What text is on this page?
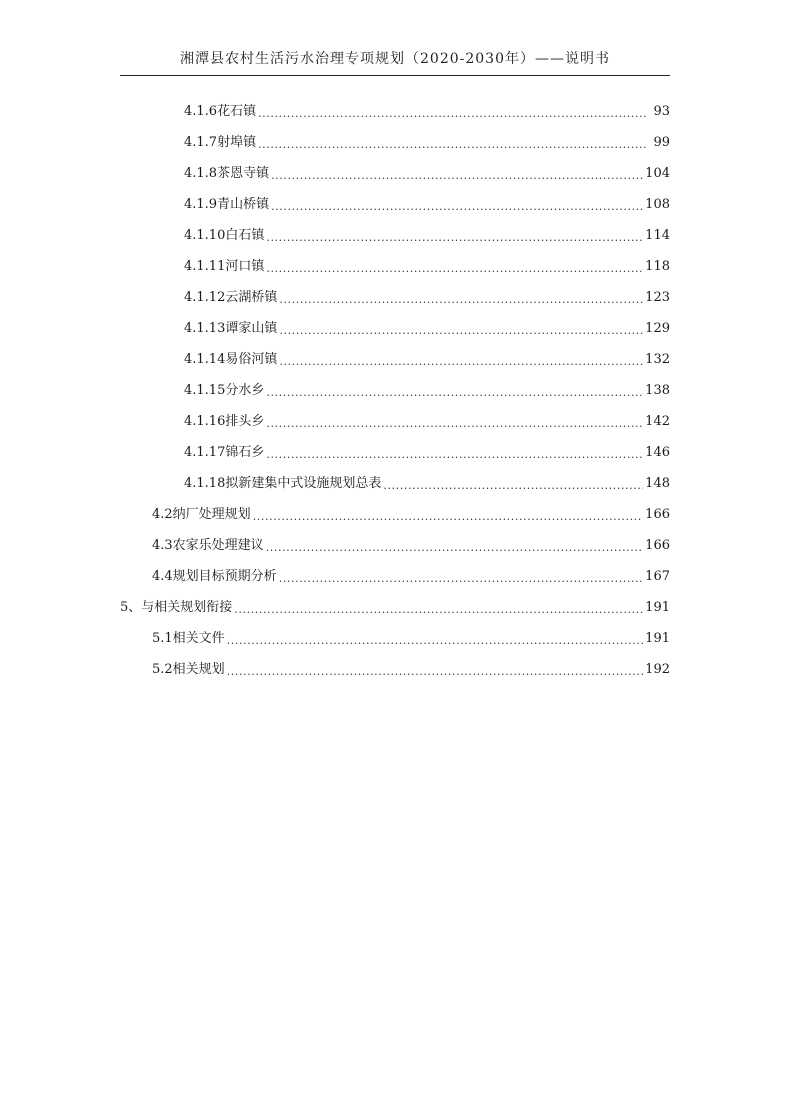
湘潭县农村生活污水治理专项规划（2020-2030年）——说明书
4.1.6花石镇 .....	93
4.1.7射埠镇 .....	99
4.1.8茶恩寺镇 .....	104
4.1.9青山桥镇 .....	108
4.1.10白石镇 .....	114
4.1.11河口镇 .....	118
4.1.12云湖桥镇 .....	123
4.1.13谭家山镇 .....	129
4.1.14易俗河镇 .....	132
4.1.15分水乡 .....	138
4.1.16排头乡 .....	142
4.1.17锦石乡 .....	146
4.1.18拟新建集中式设施规划总表 .....	148
4.2纳厂处理规划 .....	166
4.3农家乐处理建议 .....	166
4.4规划目标预期分析 .....	167
5、与相关规划衔接 .....	191
5.1相关文件 .....	191
5.2相关规划 .....	192
